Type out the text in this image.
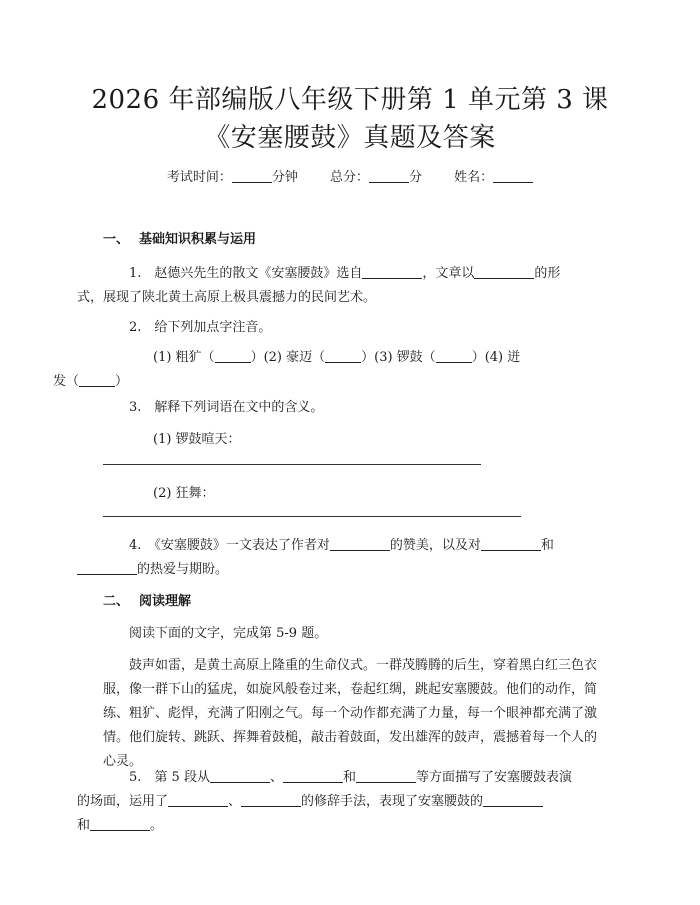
2026 年部编版八年级下册第 1 单元第 3 课
《安塞腰鼓》真题及答案
考试时间：	分钟 总分：	分 姓名：
一、 基础知识积累与运用
1.　赵德兴先生的散文《安塞腰鼓》选自	，文章以	的形
式，展现了陕北黄土高原上极具震撼力的民间艺术。
2.　给下列加点字注音。
(1) 粗犷（	）(2) 豪迈（	）(3) 锣鼓（	）(4) 迸
发（	）
3.　解释下列词语在文中的含义。
(1) 锣鼓喧天：
(2) 狂舞：
4.　《安塞腰鼓》一文表达了作者对	的赞美，以及对	和
的热爱与期盼。
二、 阅读理解
阅读下面的文字，完成第 5-9 题。
鼓声如雷，是黄土高原上隆重的生命仪式。一群茂腾腾的后生，穿着黑白红三色衣服，像一群下山的猛虎，如旋风般卷过来，卷起红绸，跳起安塞腰鼓。他们的动作，简练、粗犷、彪悍，充满了阳刚之气。每一个动作都充满了力量，每一个眼神都充满了激情。他们旋转、跳跃、挥舞着鼓槌，敲击着鼓面，发出雄浑的鼓声，震撼着每一个人的心灵。
5.　第 5 段从	、	和	等方面描写了安塞腰鼓表演
的场面，运用了	、	的修辞手法，表现了安塞腰鼓的
和	。
